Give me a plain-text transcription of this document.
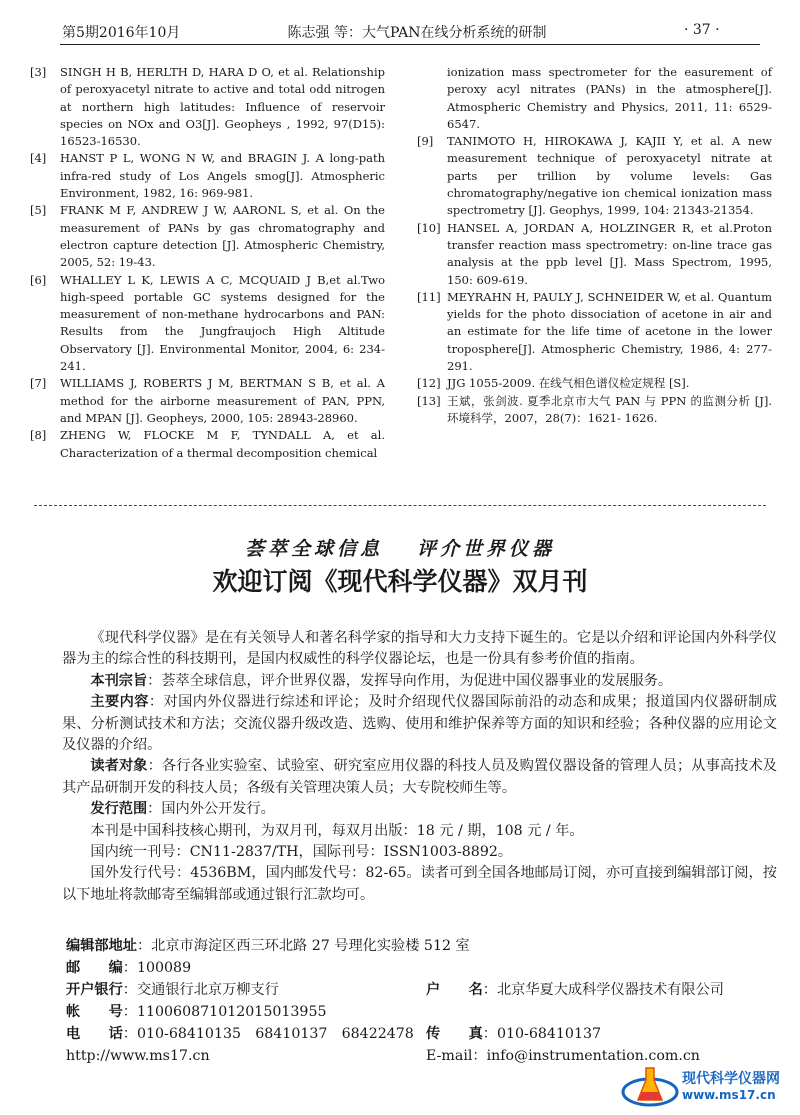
第5期2016年10月	陈志强 等：大气PAN在线分析系统的研制	· 37 ·
[3] SINGH H B, HERLTH D, HARA D O, et al. Relationship of peroxyacetyl nitrate to active and total odd nitrogen at northern high latitudes: Influence of reservoir species on NOx and O3[J]. Geopheys , 1992, 97(D15): 16523-16530.
[4] HANST P L, WONG N W, and BRAGIN J. A long-path infra-red study of Los Angels smog[J]. Atmospheric Environment, 1982, 16: 969-981.
[5] FRANK M F, ANDREW J W, AARONL S, et al. On the measurement of PANs by gas chromatography and electron capture detection [J]. Atmospheric Chemistry, 2005, 52: 19-43.
[6] WHALLEY L K, LEWIS A C, MCQUAID J B,et al.Two high-speed portable GC systems designed for the measurement of non-methane hydrocarbons and PAN: Results from the Jungfraujoch High Altitude Observatory [J]. Environmental Monitor, 2004, 6: 234-241.
[7] WILLIAMS J, ROBERTS J M, BERTMAN S B, et al. A method for the airborne measurement of PAN, PPN, and MPAN [J]. Geopheys, 2000, 105: 28943-28960.
[8] ZHENG W, FLOCKE M F, TYNDALL A, et al. Characterization of a thermal decomposition chemical
ionization mass spectrometer for the easurement of peroxy acyl nitrates (PANs) in the atmosphere[J]. Atmospheric Chemistry and Physics, 2011, 11: 6529-6547.
[9] TANIMOTO H, HIROKAWA J, KAJII Y, et al. A new measurement technique of peroxyacetyl nitrate at parts per trillion by volume levels: Gas chromatography/negative ion chemical ionization mass spectrometry [J]. Geophys, 1999, 104: 21343-21354.
[10] HANSEL A, JORDAN A, HOLZINGER R, et al.Proton transfer reaction mass spectrometry: on-line trace gas analysis at the ppb level [J]. Mass Spectrom, 1995, 150: 609-619.
[11] MEYRAHN H, PAULY J, SCHNEIDER W, et al. Quantum yields for the photo dissociation of acetone in air and an estimate for the life time of acetone in the lower troposphere[J]. Atmospheric Chemistry, 1986, 4: 277-291.
[12] JJG 1055-2009. 在线气相色谱仪检定规程 [S].
[13] 王斌，张剑波. 夏季北京市大气 PAN 与 PPN 的监测分析 [J]. 环境科学，2007，28(7)：1621- 1626.
荟萃全球信息 评介世界仪器
欢迎订阅《现代科学仪器》双月刊

《现代科学仪器》是在有关领导人和著名科学家的指导和大力支持下诞生的。它是以介绍和评论国内外科学仪器为主的综合性的科技期刊，是国内权威性的科学仪器论坛，也是一份具有参考价值的指南。

本刊宗旨：荟萃全球信息，评介世界仪器，发挥导向作用，为促进中国仪器事业的发展服务。

主要内容：对国内外仪器进行综述和评论；及时介绍现代仪器国际前沿的动态和成果；报道国内仪器研制成果、分析测试技术和方法；交流仪器升级改造、选购、使用和维护保养等方面的知识和经验；各种仪器的应用论文及仪器的介绍。

读者对象：各行各业实验室、试验室、研究室应用仪器的科技人员及购置仪器设备的管理人员；从事高技术及其产品研制开发的科技人员；各级有关管理决策人员；大专院校师生等。

发行范围：国内外公开发行。

本刊是中国科技核心期刊，为双月刊，每双月出版：18 元 / 期，108 元 / 年。

国内统一刊号：CN11-2837/TH，国际刊号：ISSN1003-8892。

国外发行代号：4536BM，国内邮发代号：82-65。读者可到全国各地邮局订阅，亦可直接到编辑部订阅，按以下地址将款邮寄至编辑部或通过银行汇款均可。

编辑部地址：北京市海淀区西三环北路 27 号理化实验楼 512 室
邮　　编：100089
开户银行：交通银行北京万柳支行	户　　名：北京华夏大成科学仪器技术有限公司
帐　　号：110060871012015013955
电　　话：010-68410135　68410137　68422478 传　　真：010-68410137
http://www.ms17.cn	E-mail：info@instrumentation.com.cn
现代科学仪器网
www.ms17.cn
